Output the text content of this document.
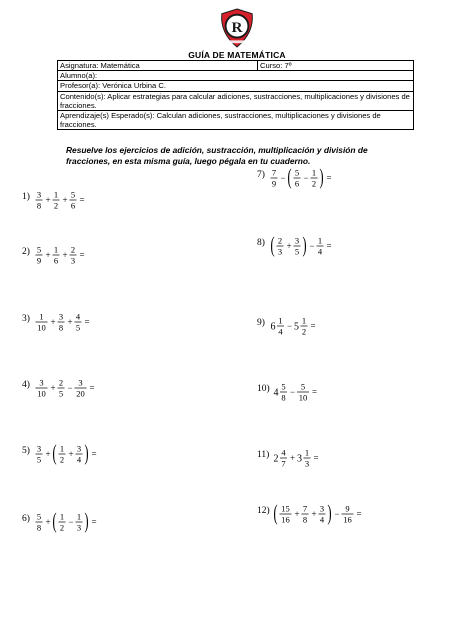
R
GUÍA DE MATEMÁTICA
Asignatura: Matemática	Curso: 7º
Alumno(a):
Profesor(a): Verónica Urbina C.
Contenido(s): Aplicar estrategias para calcular adiciones, sustracciones, multiplicaciones y divisiones de fracciones.
Aprendizaje(s) Esperado(s): Calculan adiciones, sustracciones, multiplicaciones y divisiones de fracciones.
Resuelve los ejercicios de adición, sustracción, multiplicación y división de fracciones, en esta misma guía, luego pégala en tu cuaderno.
1) 3
8
+
1
2
+
5
6
=
2) 5
9
+
1
6
+
2
3
=
3) 1
10
+
3
8
+
4
5
=
4) 3
10
+
2
5
−
3
20
=
5) 3
5
+ ( 1
2
+
3
4 ) =
6) 5
8
+ ( 1
2
−
1
3 ) =
7) 7
9
− ( 5
6
−
1
2 ) =
8) ( 2
3
+
3
5 ) −
1
4
=
9) 6
1
4
− 5
1
2
=
10) 4
5
8
−
5
10
=
11) 2
4
7
+ 3
1
3
=
12) ( 15
16
+
7
8
+
3
4 ) −
9
16
=
